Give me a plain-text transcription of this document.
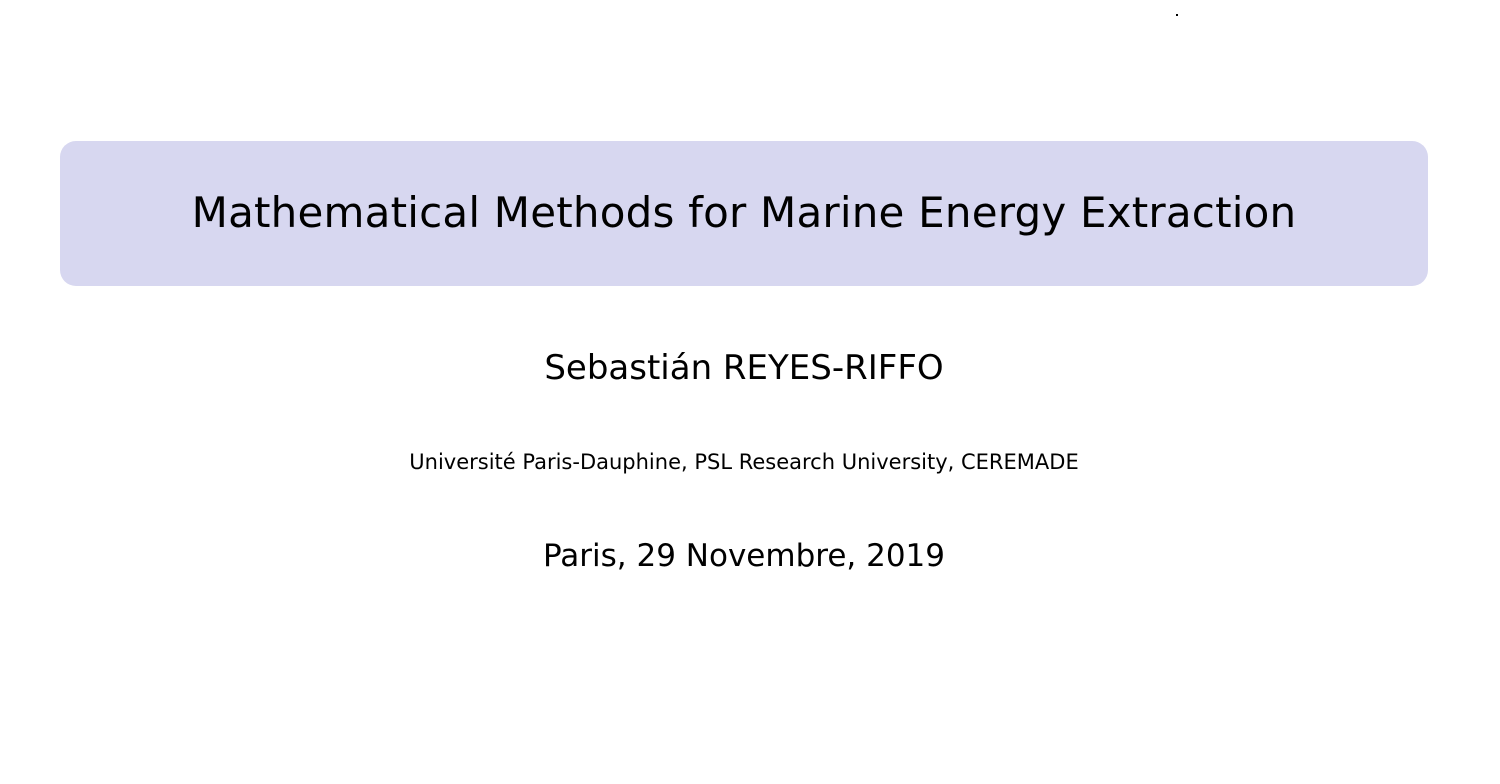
Mathematical Methods for Marine Energy Extraction
Sebastián REYES-RIFFO
Université Paris-Dauphine, PSL Research University, CEREMADE
Paris, 29 Novembre, 2019
